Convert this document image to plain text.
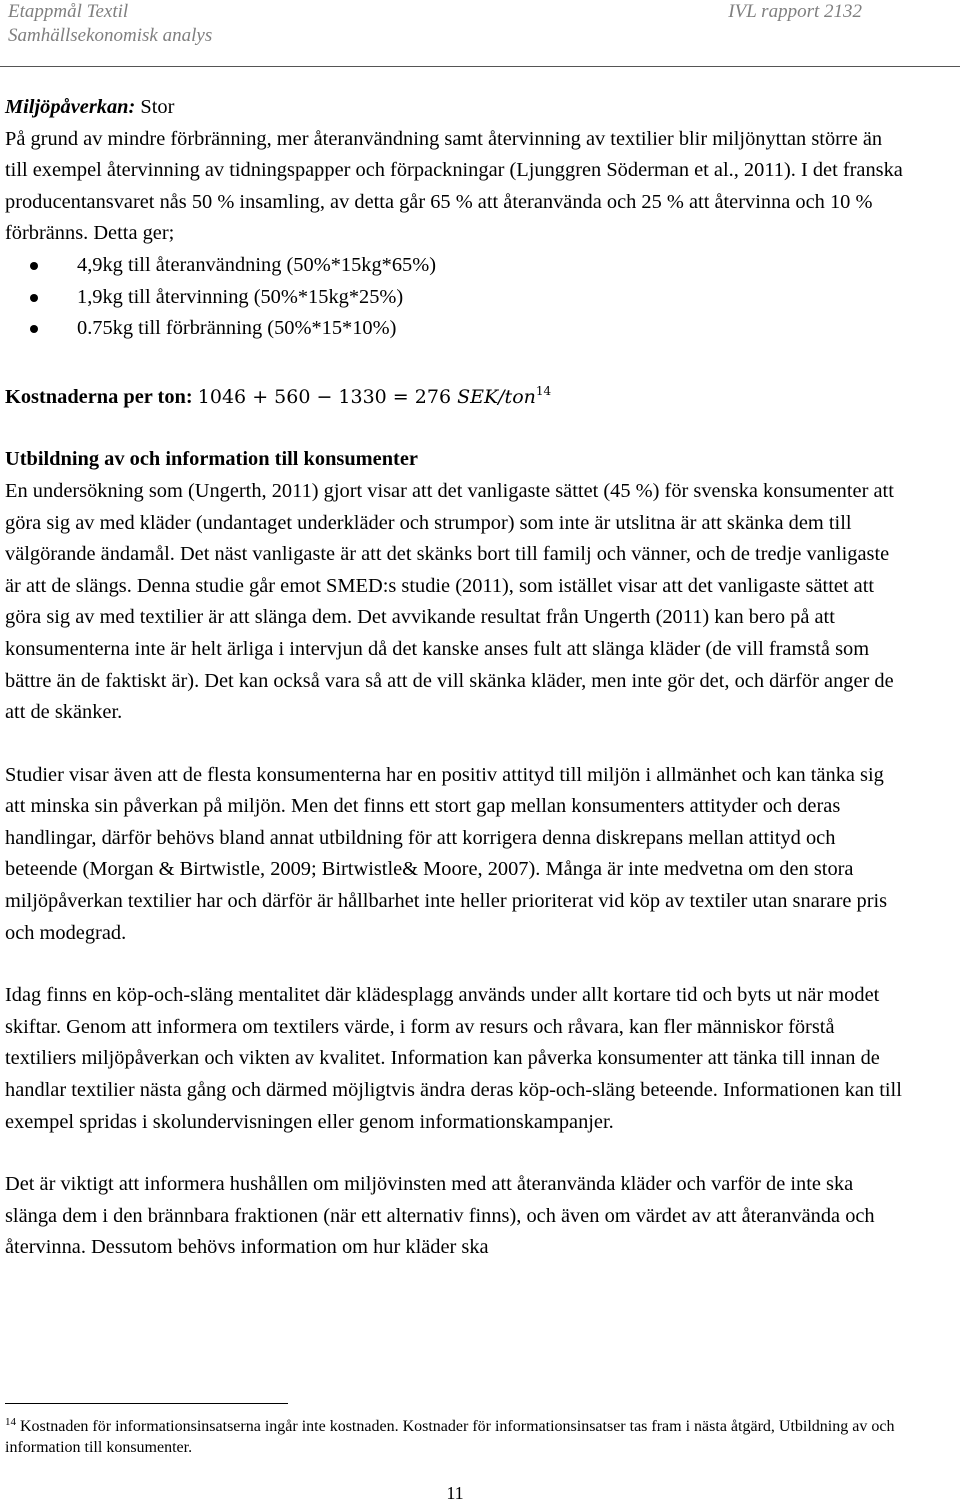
Etappmål Textil
Samhällsekonomisk analys
IVL rapport 2132

Miljöpåverkan: Stor

På grund av mindre förbränning, mer återanvändning samt återvinning av textilier blir miljönyttan större än till exempel återvinning av tidningspapper och förpackningar (Ljunggren Söderman et al., 2011). I det franska producentansvaret nås 50 % insamling, av detta går 65 % att återanvända och 25 % att återvinna och 10 % förbränns. Detta ger;

4,9kg till återanvändning (50%*15kg*65%)
1,9kg till återvinning (50%*15kg*25%)
0.75kg till förbränning (50%*15*10%)

Kostnaderna per ton: 1046 + 560 − 1330 = 276 SEK/ton$^{14}$

Utbildning av och information till konsumenter

En undersökning som (Ungerth, 2011) gjort visar att det vanligaste sättet (45 %) för svenska konsumenter att göra sig av med kläder (undantaget underkläder och strumpor) som inte är utslitna är att skänka dem till välgörande ändamål. Det näst vanligaste är att det skänks bort till familj och vänner, och de tredje vanligaste är att de slängs. Denna studie går emot SMED:s studie (2011), som istället visar att det vanligaste sättet att göra sig av med textilier är att slänga dem. Det avvikande resultat från Ungerth (2011) kan bero på att konsumenterna inte är helt ärliga i intervjun då det kanske anses fult att slänga kläder (de vill framstå som bättre än de faktiskt är). Det kan också vara så att de vill skänka kläder, men inte gör det, och därför anger de att de skänker.

Studier visar även att de flesta konsumenterna har en positiv attityd till miljön i allmänhet och kan tänka sig att minska sin påverkan på miljön. Men det finns ett stort gap mellan konsumenters attityder och deras handlingar, därför behövs bland annat utbildning för att korrigera denna diskrepans mellan attityd och beteende (Morgan & Birtwistle, 2009; Birtwistle& Moore, 2007). Många är inte medvetna om den stora miljöpåverkan textilier har och därför är hållbarhet inte heller prioriterat vid köp av textiler utan snarare pris och modegrad.

Idag finns en köp-och-släng mentalitet där klädesplagg används under allt kortare tid och byts ut när modet skiftar. Genom att informera om textilers värde, i form av resurs och råvara, kan fler människor förstå textiliers miljöpåverkan och vikten av kvalitet. Information kan påverka konsumenter att tänka till innan de handlar textilier nästa gång och därmed möjligtvis ändra deras köp-och-släng beteende. Informationen kan till exempel spridas i skolundervisningen eller genom informationskampanjer.

Det är viktigt att informera hushållen om miljövinsten med att återanvända kläder och varför de inte ska slänga dem i den brännbara fraktionen (när ett alternativ finns), och även om värdet av att återanvända och återvinna. Dessutom behövs information om hur kläder ska

$^{14}$ Kostnaden för informationsinsatserna ingår inte kostnaden. Kostnader för informationsinsatser tas fram i nästa åtgärd, Utbildning av och information till konsumenter.
11
